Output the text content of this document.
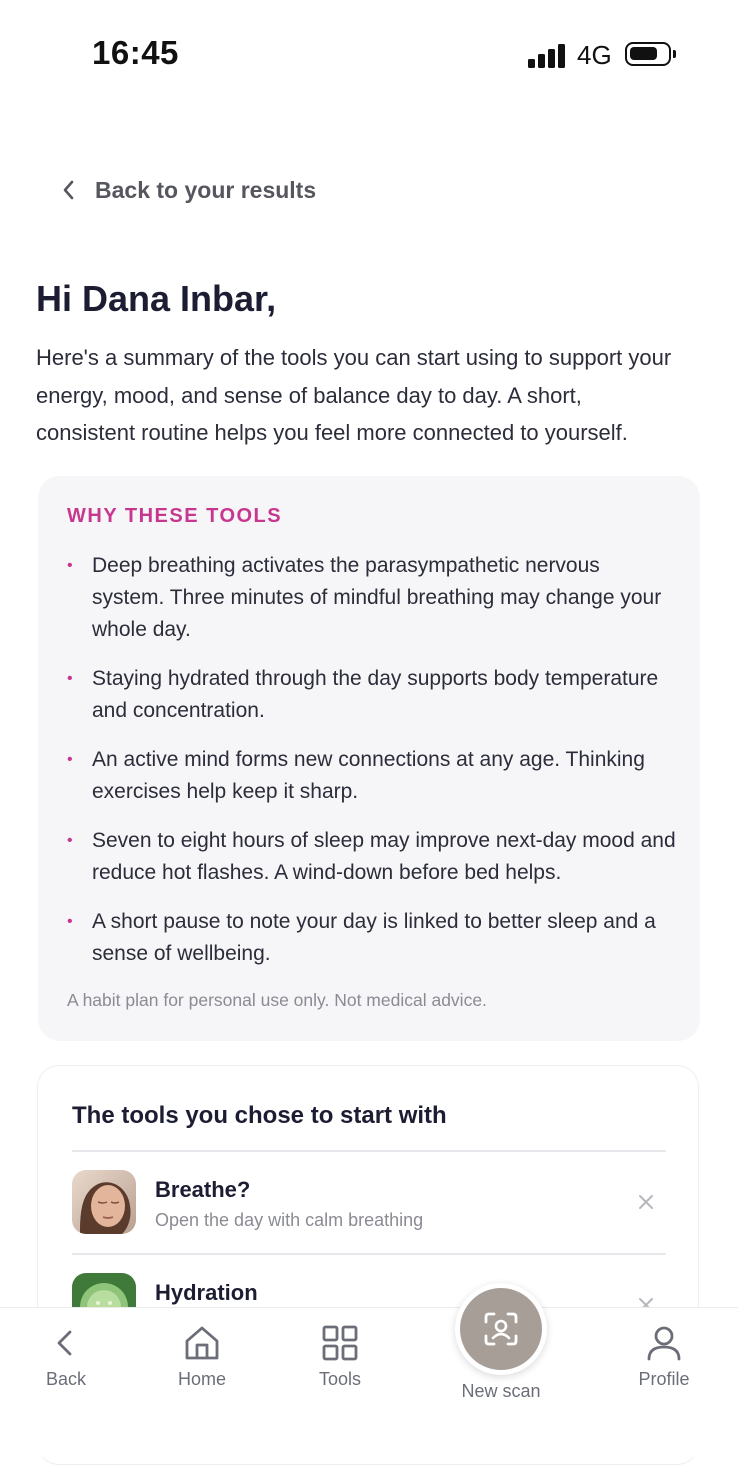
16:45	4G
Back to your results
Hi Dana Inbar,

Here's a summary of the tools you can start using to support your energy, mood, and sense of balance day to day. A short, consistent routine helps you feel more connected to yourself.

WHY THESE TOOLS
• Deep breathing activates the parasympathetic nervous system. Three minutes of mindful breathing may change your whole day.
• Staying hydrated through the day supports body temperature and concentration.
• An active mind forms new connections at any age. Thinking exercises help keep it sharp.
• Seven to eight hours of sleep may improve next-day mood and reduce hot flashes. A wind-down before bed helps.
• A short pause to note your day is linked to better sleep and a sense of wellbeing.

A habit plan for personal use only. Not medical advice.

The tools you chose to start with
Breathe?
Open the day with calm breathing
Hydration
Back	Home	Tools
New scan
Profile
